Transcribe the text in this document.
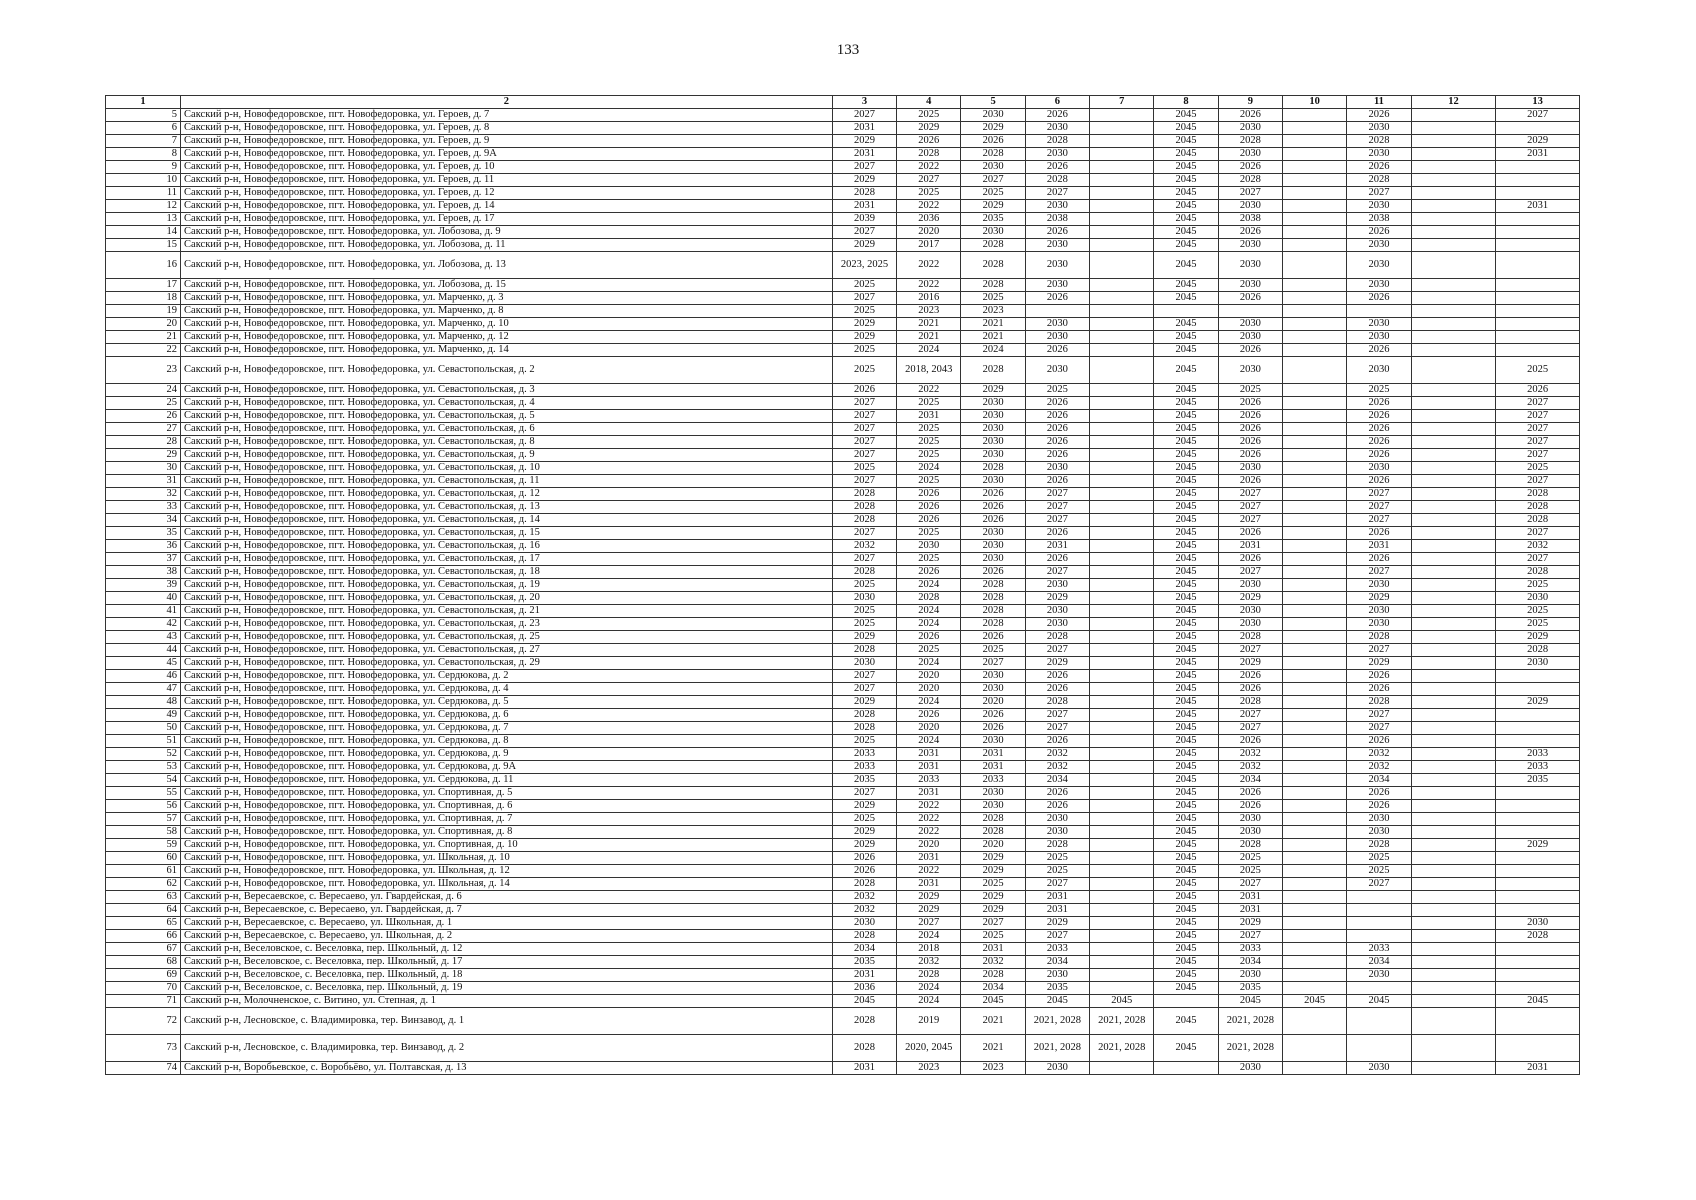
133
1	2	3	4	5	6	7	8	9	10	11	12	13
5	Сакский р-н, Новофедоровское, пгт. Новофедоровка, ул. Героев, д. 7	2027	2025	2030	2026		2045	2026		2026		2027
6	Сакский р-н, Новофедоровское, пгт. Новофедоровка, ул. Героев, д. 8	2031	2029	2029	2030		2045	2030		2030		
7	Сакский р-н, Новофедоровское, пгт. Новофедоровка, ул. Героев, д. 9	2029	2026	2026	2028		2045	2028		2028		2029
8	Сакский р-н, Новофедоровское, пгт. Новофедоровка, ул. Героев, д. 9А	2031	2028	2028	2030		2045	2030		2030		2031
9	Сакский р-н, Новофедоровское, пгт. Новофедоровка, ул. Героев, д. 10	2027	2022	2030	2026		2045	2026		2026		
10	Сакский р-н, Новофедоровское, пгт. Новофедоровка, ул. Героев, д. 11	2029	2027	2027	2028		2045	2028		2028		
11	Сакский р-н, Новофедоровское, пгт. Новофедоровка, ул. Героев, д. 12	2028	2025	2025	2027		2045	2027		2027		
12	Сакский р-н, Новофедоровское, пгт. Новофедоровка, ул. Героев, д. 14	2031	2022	2029	2030		2045	2030		2030		2031
13	Сакский р-н, Новофедоровское, пгт. Новофедоровка, ул. Героев, д. 17	2039	2036	2035	2038		2045	2038		2038		
14	Сакский р-н, Новофедоровское, пгт. Новофедоровка, ул. Лобозова, д. 9	2027	2020	2030	2026		2045	2026		2026		
15	Сакский р-н, Новофедоровское, пгт. Новофедоровка, ул. Лобозова, д. 11	2029	2017	2028	2030		2045	2030		2030		
16	Сакский р-н, Новофедоровское, пгт. Новофедоровка, ул. Лобозова, д. 13	2023, 2025	2022	2028	2030		2045	2030		2030		
17	Сакский р-н, Новофедоровское, пгт. Новофедоровка, ул. Лобозова, д. 15	2025	2022	2028	2030		2045	2030		2030		
18	Сакский р-н, Новофедоровское, пгт. Новофедоровка, ул. Марченко, д. 3	2027	2016	2025	2026		2045	2026		2026		
19	Сакский р-н, Новофедоровское, пгт. Новофедоровка, ул. Марченко, д. 8	2025	2023	2023								
20	Сакский р-н, Новофедоровское, пгт. Новофедоровка, ул. Марченко, д. 10	2029	2021	2021	2030		2045	2030		2030		
21	Сакский р-н, Новофедоровское, пгт. Новофедоровка, ул. Марченко, д. 12	2029	2021	2021	2030		2045	2030		2030		
22	Сакский р-н, Новофедоровское, пгт. Новофедоровка, ул. Марченко, д. 14	2025	2024	2024	2026		2045	2026		2026		
23	Сакский р-н, Новофедоровское, пгт. Новофедоровка, ул. Севастопольская, д. 2	2025	2018, 2043	2028	2030		2045	2030		2030		2025
24	Сакский р-н, Новофедоровское, пгт. Новофедоровка, ул. Севастопольская, д. 3	2026	2022	2029	2025		2045	2025		2025		2026
25	Сакский р-н, Новофедоровское, пгт. Новофедоровка, ул. Севастопольская, д. 4	2027	2025	2030	2026		2045	2026		2026		2027
26	Сакский р-н, Новофедоровское, пгт. Новофедоровка, ул. Севастопольская, д. 5	2027	2031	2030	2026		2045	2026		2026		2027
27	Сакский р-н, Новофедоровское, пгт. Новофедоровка, ул. Севастопольская, д. 6	2027	2025	2030	2026		2045	2026		2026		2027
28	Сакский р-н, Новофедоровское, пгт. Новофедоровка, ул. Севастопольская, д. 8	2027	2025	2030	2026		2045	2026		2026		2027
29	Сакский р-н, Новофедоровское, пгт. Новофедоровка, ул. Севастопольская, д. 9	2027	2025	2030	2026		2045	2026		2026		2027
30	Сакский р-н, Новофедоровское, пгт. Новофедоровка, ул. Севастопольская, д. 10	2025	2024	2028	2030		2045	2030		2030		2025
31	Сакский р-н, Новофедоровское, пгт. Новофедоровка, ул. Севастопольская, д. 11	2027	2025	2030	2026		2045	2026		2026		2027
32	Сакский р-н, Новофедоровское, пгт. Новофедоровка, ул. Севастопольская, д. 12	2028	2026	2026	2027		2045	2027		2027		2028
33	Сакский р-н, Новофедоровское, пгт. Новофедоровка, ул. Севастопольская, д. 13	2028	2026	2026	2027		2045	2027		2027		2028
34	Сакский р-н, Новофедоровское, пгт. Новофедоровка, ул. Севастопольская, д. 14	2028	2026	2026	2027		2045	2027		2027		2028
35	Сакский р-н, Новофедоровское, пгт. Новофедоровка, ул. Севастопольская, д. 15	2027	2025	2030	2026		2045	2026		2026		2027
36	Сакский р-н, Новофедоровское, пгт. Новофедоровка, ул. Севастопольская, д. 16	2032	2030	2030	2031		2045	2031		2031		2032
37	Сакский р-н, Новофедоровское, пгт. Новофедоровка, ул. Севастопольская, д. 17	2027	2025	2030	2026		2045	2026		2026		2027
38	Сакский р-н, Новофедоровское, пгт. Новофедоровка, ул. Севастопольская, д. 18	2028	2026	2026	2027		2045	2027		2027		2028
39	Сакский р-н, Новофедоровское, пгт. Новофедоровка, ул. Севастопольская, д. 19	2025	2024	2028	2030		2045	2030		2030		2025
40	Сакский р-н, Новофедоровское, пгт. Новофедоровка, ул. Севастопольская, д. 20	2030	2028	2028	2029		2045	2029		2029		2030
41	Сакский р-н, Новофедоровское, пгт. Новофедоровка, ул. Севастопольская, д. 21	2025	2024	2028	2030		2045	2030		2030		2025
42	Сакский р-н, Новофедоровское, пгт. Новофедоровка, ул. Севастопольская, д. 23	2025	2024	2028	2030		2045	2030		2030		2025
43	Сакский р-н, Новофедоровское, пгт. Новофедоровка, ул. Севастопольская, д. 25	2029	2026	2026	2028		2045	2028		2028		2029
44	Сакский р-н, Новофедоровское, пгт. Новофедоровка, ул. Севастопольская, д. 27	2028	2025	2025	2027		2045	2027		2027		2028
45	Сакский р-н, Новофедоровское, пгт. Новофедоровка, ул. Севастопольская, д. 29	2030	2024	2027	2029		2045	2029		2029		2030
46	Сакский р-н, Новофедоровское, пгт. Новофедоровка, ул. Сердюкова, д. 2	2027	2020	2030	2026		2045	2026		2026		
47	Сакский р-н, Новофедоровское, пгт. Новофедоровка, ул. Сердюкова, д. 4	2027	2020	2030	2026		2045	2026		2026		
48	Сакский р-н, Новофедоровское, пгт. Новофедоровка, ул. Сердюкова, д. 5	2029	2024	2020	2028		2045	2028		2028		2029
49	Сакский р-н, Новофедоровское, пгт. Новофедоровка, ул. Сердюкова, д. 6	2028	2026	2026	2027		2045	2027		2027		
50	Сакский р-н, Новофедоровское, пгт. Новофедоровка, ул. Сердюкова, д. 7	2028	2020	2026	2027		2045	2027		2027		
51	Сакский р-н, Новофедоровское, пгт. Новофедоровка, ул. Сердюкова, д. 8	2025	2024	2030	2026		2045	2026		2026		
52	Сакский р-н, Новофедоровское, пгт. Новофедоровка, ул. Сердюкова, д. 9	2033	2031	2031	2032		2045	2032		2032		2033
53	Сакский р-н, Новофедоровское, пгт. Новофедоровка, ул. Сердюкова, д. 9А	2033	2031	2031	2032		2045	2032		2032		2033
54	Сакский р-н, Новофедоровское, пгт. Новофедоровка, ул. Сердюкова, д. 11	2035	2033	2033	2034		2045	2034		2034		2035
55	Сакский р-н, Новофедоровское, пгт. Новофедоровка, ул. Спортивная, д. 5	2027	2031	2030	2026		2045	2026		2026		
56	Сакский р-н, Новофедоровское, пгт. Новофедоровка, ул. Спортивная, д. 6	2029	2022	2030	2026		2045	2026		2026		
57	Сакский р-н, Новофедоровское, пгт. Новофедоровка, ул. Спортивная, д. 7	2025	2022	2028	2030		2045	2030		2030		
58	Сакский р-н, Новофедоровское, пгт. Новофедоровка, ул. Спортивная, д. 8	2029	2022	2028	2030		2045	2030		2030		
59	Сакский р-н, Новофедоровское, пгт. Новофедоровка, ул. Спортивная, д. 10	2029	2020	2020	2028		2045	2028		2028		2029
60	Сакский р-н, Новофедоровское, пгт. Новофедоровка, ул. Школьная, д. 10	2026	2031	2029	2025		2045	2025		2025		
61	Сакский р-н, Новофедоровское, пгт. Новофедоровка, ул. Школьная, д. 12	2026	2022	2029	2025		2045	2025		2025		
62	Сакский р-н, Новофедоровское, пгт. Новофедоровка, ул. Школьная, д. 14	2028	2031	2025	2027		2045	2027		2027		
63	Сакский р-н, Вересаевское, с. Вересаево, ул. Гвардейская, д. 6	2032	2029	2029	2031		2045	2031				
64	Сакский р-н, Вересаевское, с. Вересаево, ул. Гвардейская, д. 7	2032	2029	2029	2031		2045	2031				
65	Сакский р-н, Вересаевское, с. Вересаево, ул. Школьная, д. 1	2030	2027	2027	2029		2045	2029				2030
66	Сакский р-н, Вересаевское, с. Вересаево, ул. Школьная, д. 2	2028	2024	2025	2027		2045	2027				2028
67	Сакский р-н, Веселовское, с. Веселовка, пер. Школьный, д. 12	2034	2018	2031	2033		2045	2033		2033		
68	Сакский р-н, Веселовское, с. Веселовка, пер. Школьный, д. 17	2035	2032	2032	2034		2045	2034		2034		
69	Сакский р-н, Веселовское, с. Веселовка, пер. Школьный, д. 18	2031	2028	2028	2030		2045	2030		2030		
70	Сакский р-н, Веселовское, с. Веселовка, пер. Школьный, д. 19	2036	2024	2034	2035		2045	2035				
71	Сакский р-н, Молочненское, с. Витино, ул. Степная, д. 1	2045	2024	2045	2045	2045		2045	2045	2045		2045
72	Сакский р-н, Лесновское, с. Владимировка, тер. Винзавод, д. 1	2028	2019	2021	2021, 2028	2021, 2028	2045	2021, 2028				
73	Сакский р-н, Лесновское, с. Владимировка, тер. Винзавод, д. 2	2028	2020, 2045	2021	2021, 2028	2021, 2028	2045	2021, 2028				
74	Сакский р-н, Воробьевское, с. Воробьёво, ул. Полтавская, д. 13	2031	2023	2023	2030			2030		2030		2031
